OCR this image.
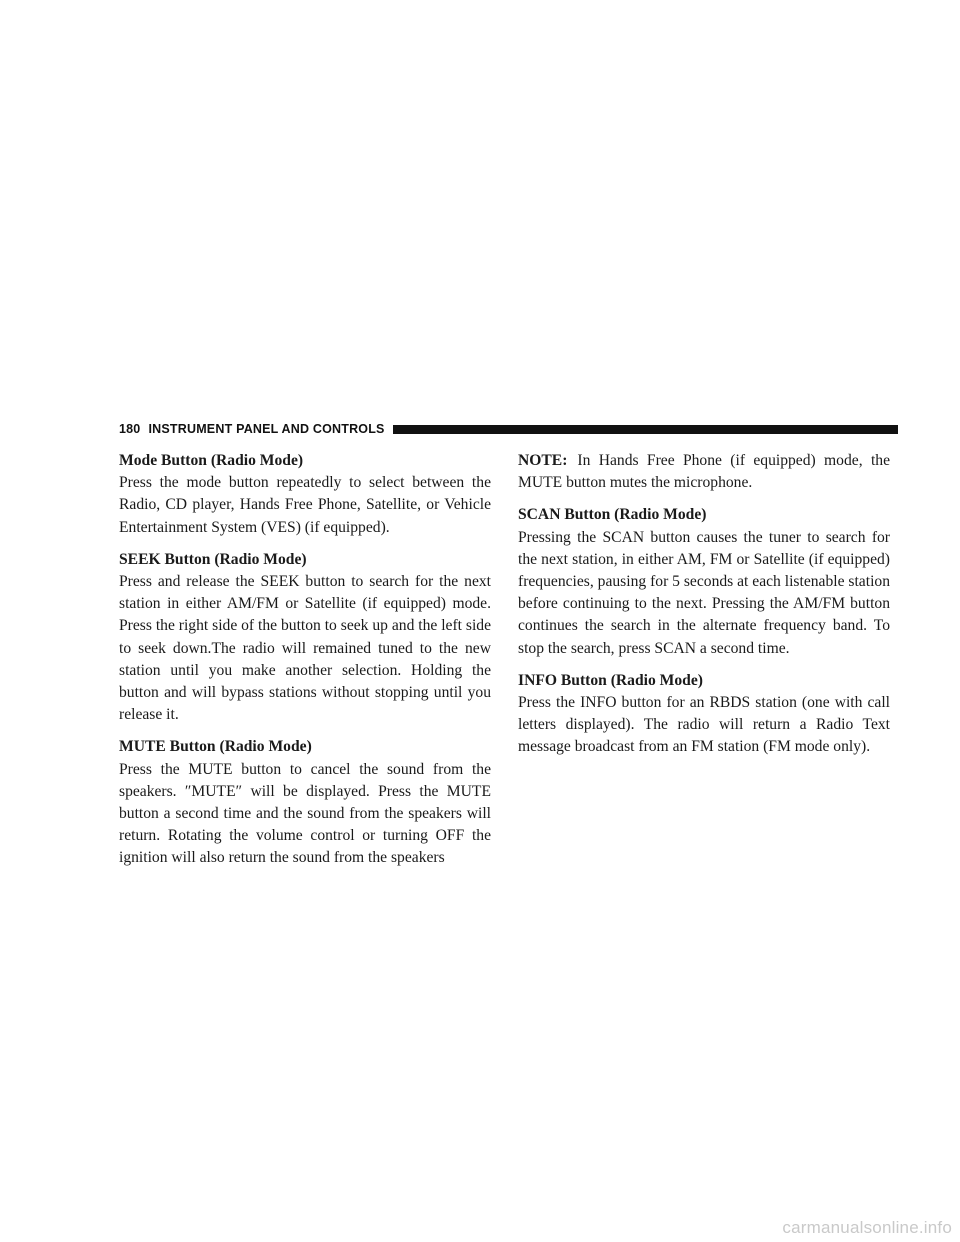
180 INSTRUMENT PANEL AND CONTROLS

Mode Button (Radio Mode)

Press the mode button repeatedly to select between the Radio, CD player, Hands Free Phone, Satellite, or Vehicle Entertainment System (VES) (if equipped).

SEEK Button (Radio Mode)

Press and release the SEEK button to search for the next station in either AM/FM or Satellite (if equipped) mode. Press the right side of the button to seek up and the left side to seek down.The radio will remained tuned to the new station until you make another selection. Holding the button and will bypass stations without stopping until you release it.

MUTE Button (Radio Mode)

Press the MUTE button to cancel the sound from the speakers. ″MUTE″ will be displayed. Press the MUTE button a second time and the sound from the speakers will return. Rotating the volume control or turning OFF the ignition will also return the sound from the speakers

NOTE: In Hands Free Phone (if equipped) mode, the MUTE button mutes the microphone.

SCAN Button (Radio Mode)

Pressing the SCAN button causes the tuner to search for the next station, in either AM, FM or Satellite (if equipped) frequencies, pausing for 5 seconds at each listenable station before continuing to the next. Pressing the AM/FM button continues the search in the alternate frequency band. To stop the search, press SCAN a second time.

INFO Button (Radio Mode)

Press the INFO button for an RBDS station (one with call letters displayed). The radio will return a Radio Text message broadcast from an FM station (FM mode only).

carmanualsonline.info
